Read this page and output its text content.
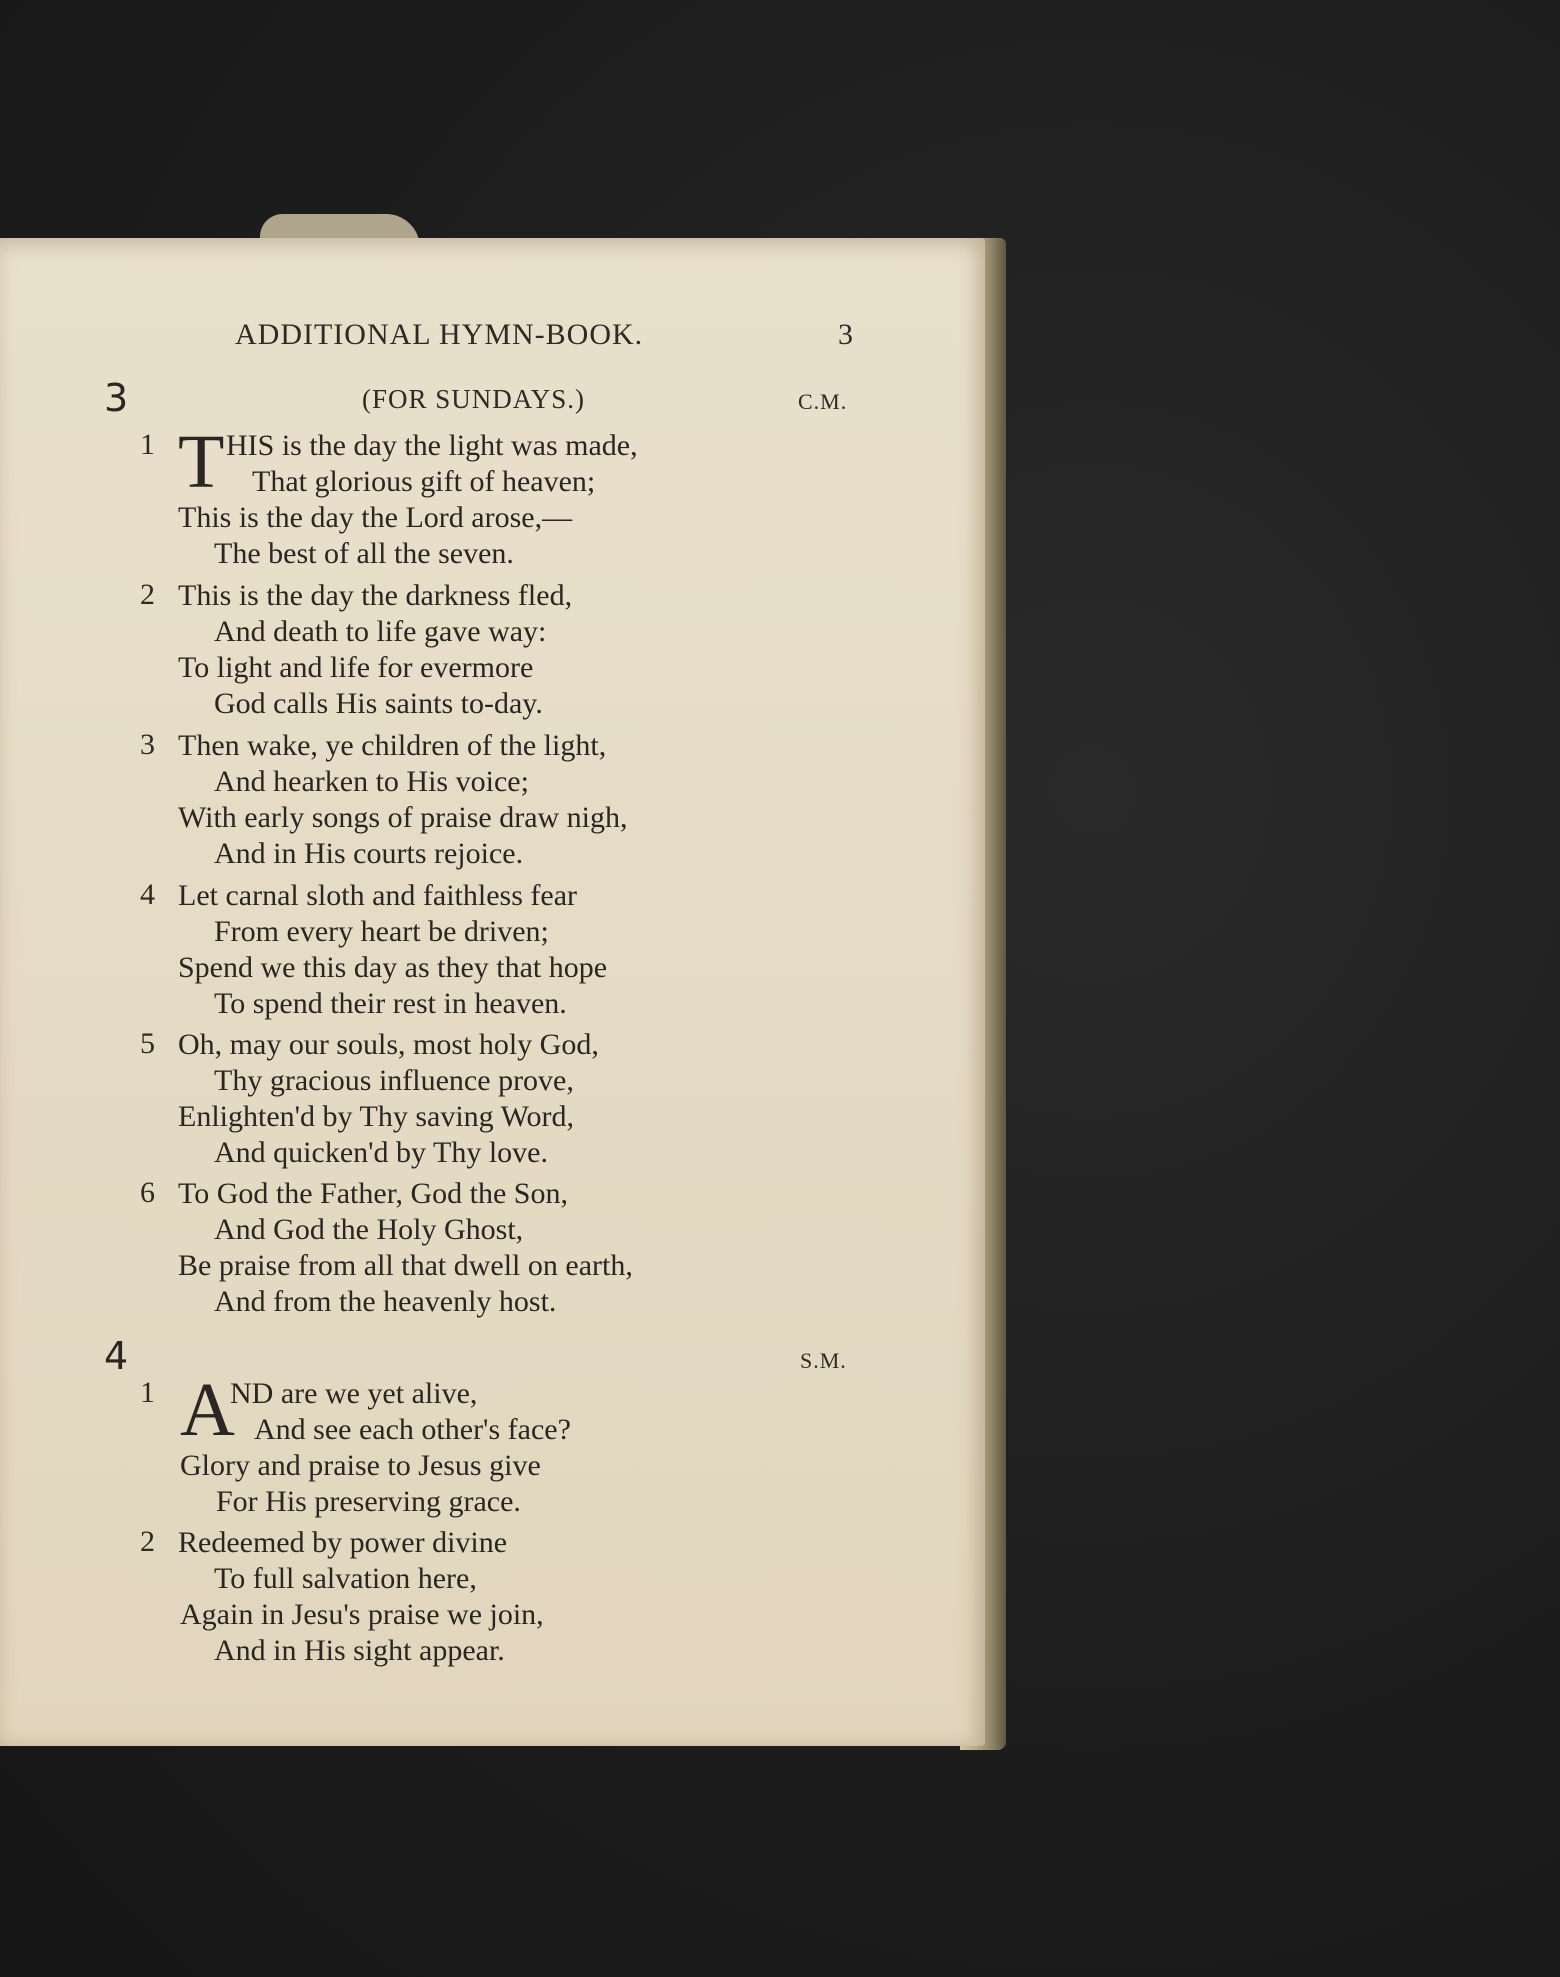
ADDITIONAL HYMN-BOOK.	3
3	(FOR SUNDAYS.)	C.M.
1 T HIS is the day the light was made,
That glorious gift of heaven;
This is the day the Lord arose,—
The best of all the seven.
2 This is the day the darkness fled,
And death to life gave way:
To light and life for evermore
God calls His saints to-day.
3 Then wake, ye children of the light,
And hearken to His voice;
With early songs of praise draw nigh,
And in His courts rejoice.
4 Let carnal sloth and faithless fear
From every heart be driven;
Spend we this day as they that hope
To spend their rest in heaven.
5 Oh, may our souls, most holy God,
Thy gracious influence prove,
Enlighten'd by Thy saving Word,
And quicken'd by Thy love.
6 To God the Father, God the Son,
And God the Holy Ghost,
Be praise from all that dwell on earth,
And from the heavenly host.
4	S.M.
1 A
ND are we yet alive,
And see each other's face?
Glory and praise to Jesus give
For His preserving grace.
2 Redeemed by power divine
To full salvation here,
Again in Jesu's praise we join,
And in His sight appear.
